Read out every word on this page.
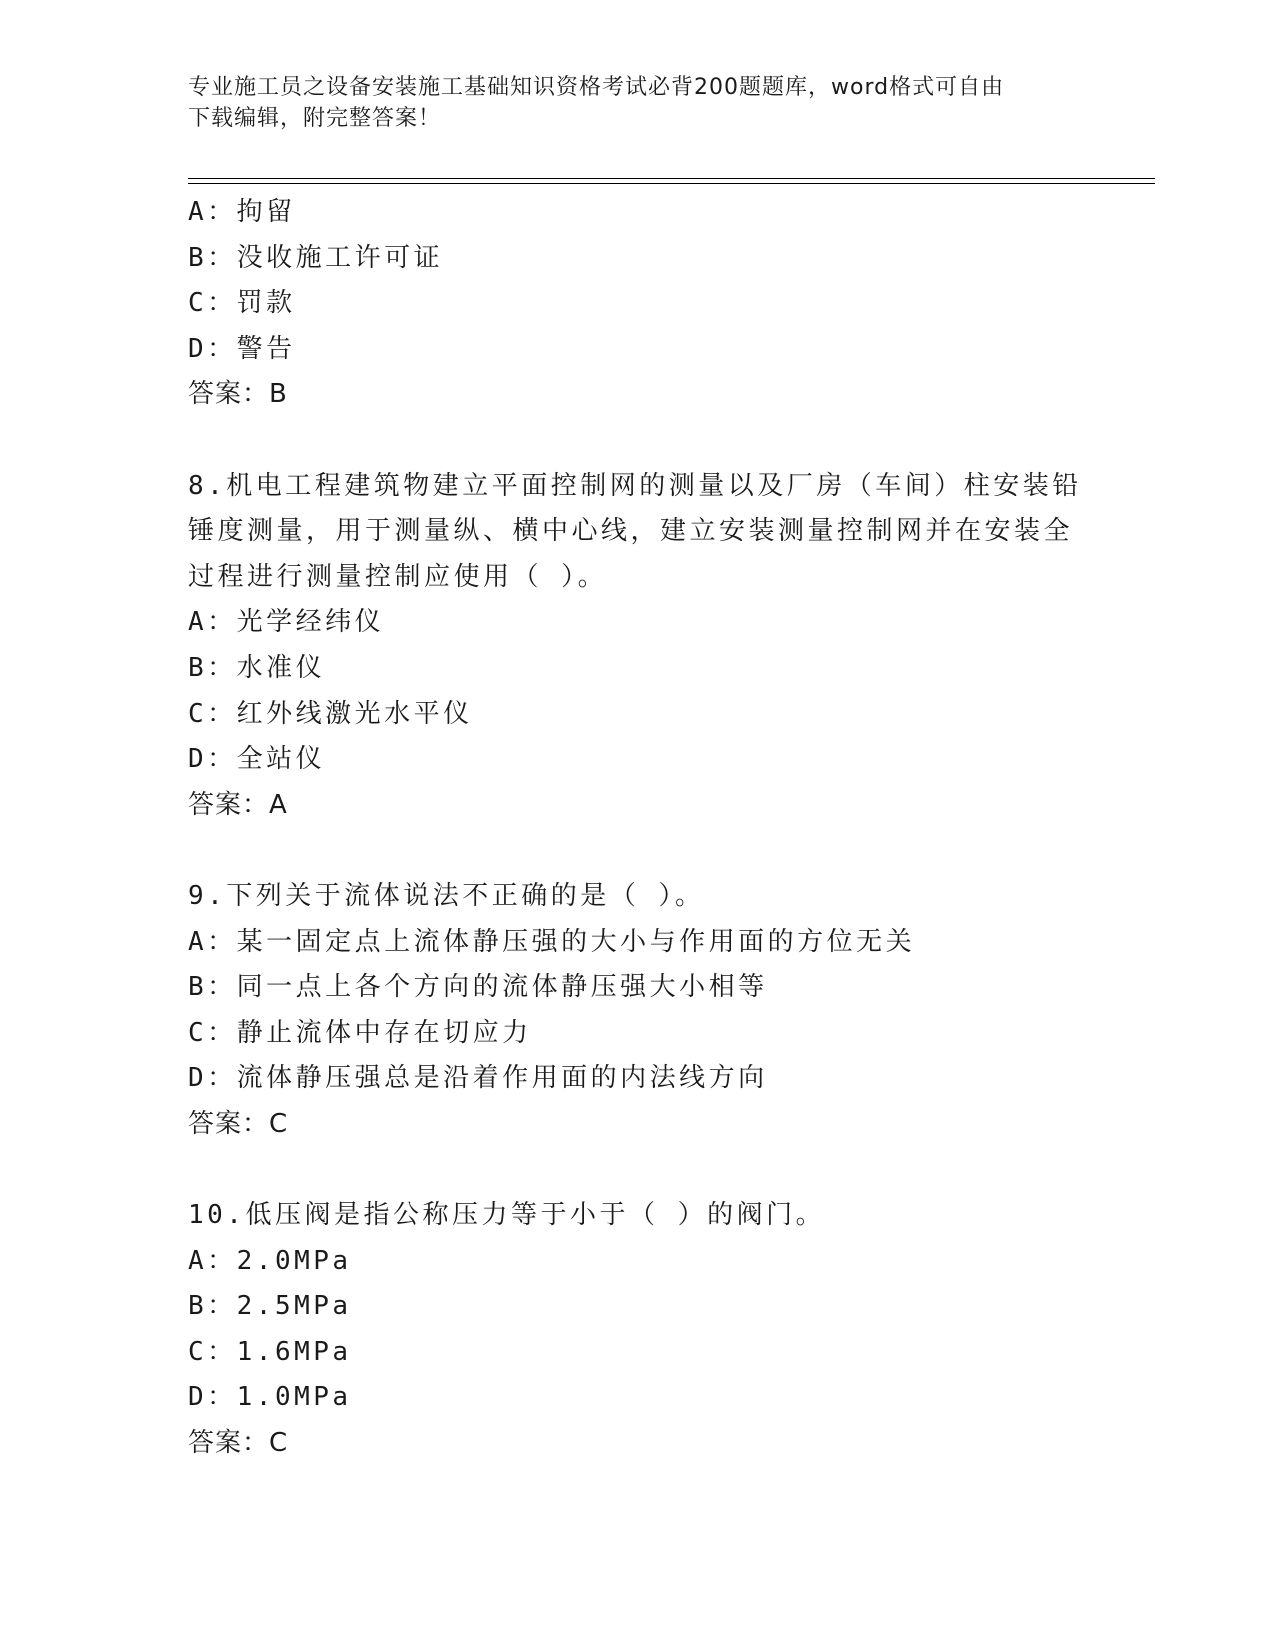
专业施工员之设备安装施工基础知识资格考试必背200题题库，word格式可自由
下载编辑，附完整答案！
A：拘留
B：没收施工许可证
C：罚款
D：警告
答案：B
8.机电工程建筑物建立平面控制网的测量以及厂房（车间）柱安装铅
锤度测量，用于测量纵、横中心线，建立安装测量控制网并在安装全
过程进行测量控制应使用（ ）。
A：光学经纬仪
B：水准仪
C：红外线激光水平仪
D：全站仪
答案：A
9.下列关于流体说法不正确的是（ ）。
A：某一固定点上流体静压强的大小与作用面的方位无关
B：同一点上各个方向的流体静压强大小相等
C：静止流体中存在切应力
D：流体静压强总是沿着作用面的内法线方向
答案：C
10.低压阀是指公称压力等于小于（ ）的阀门。
A：2.0MPa
B：2.5MPa
C：1.6MPa
D：1.0MPa
答案：C
